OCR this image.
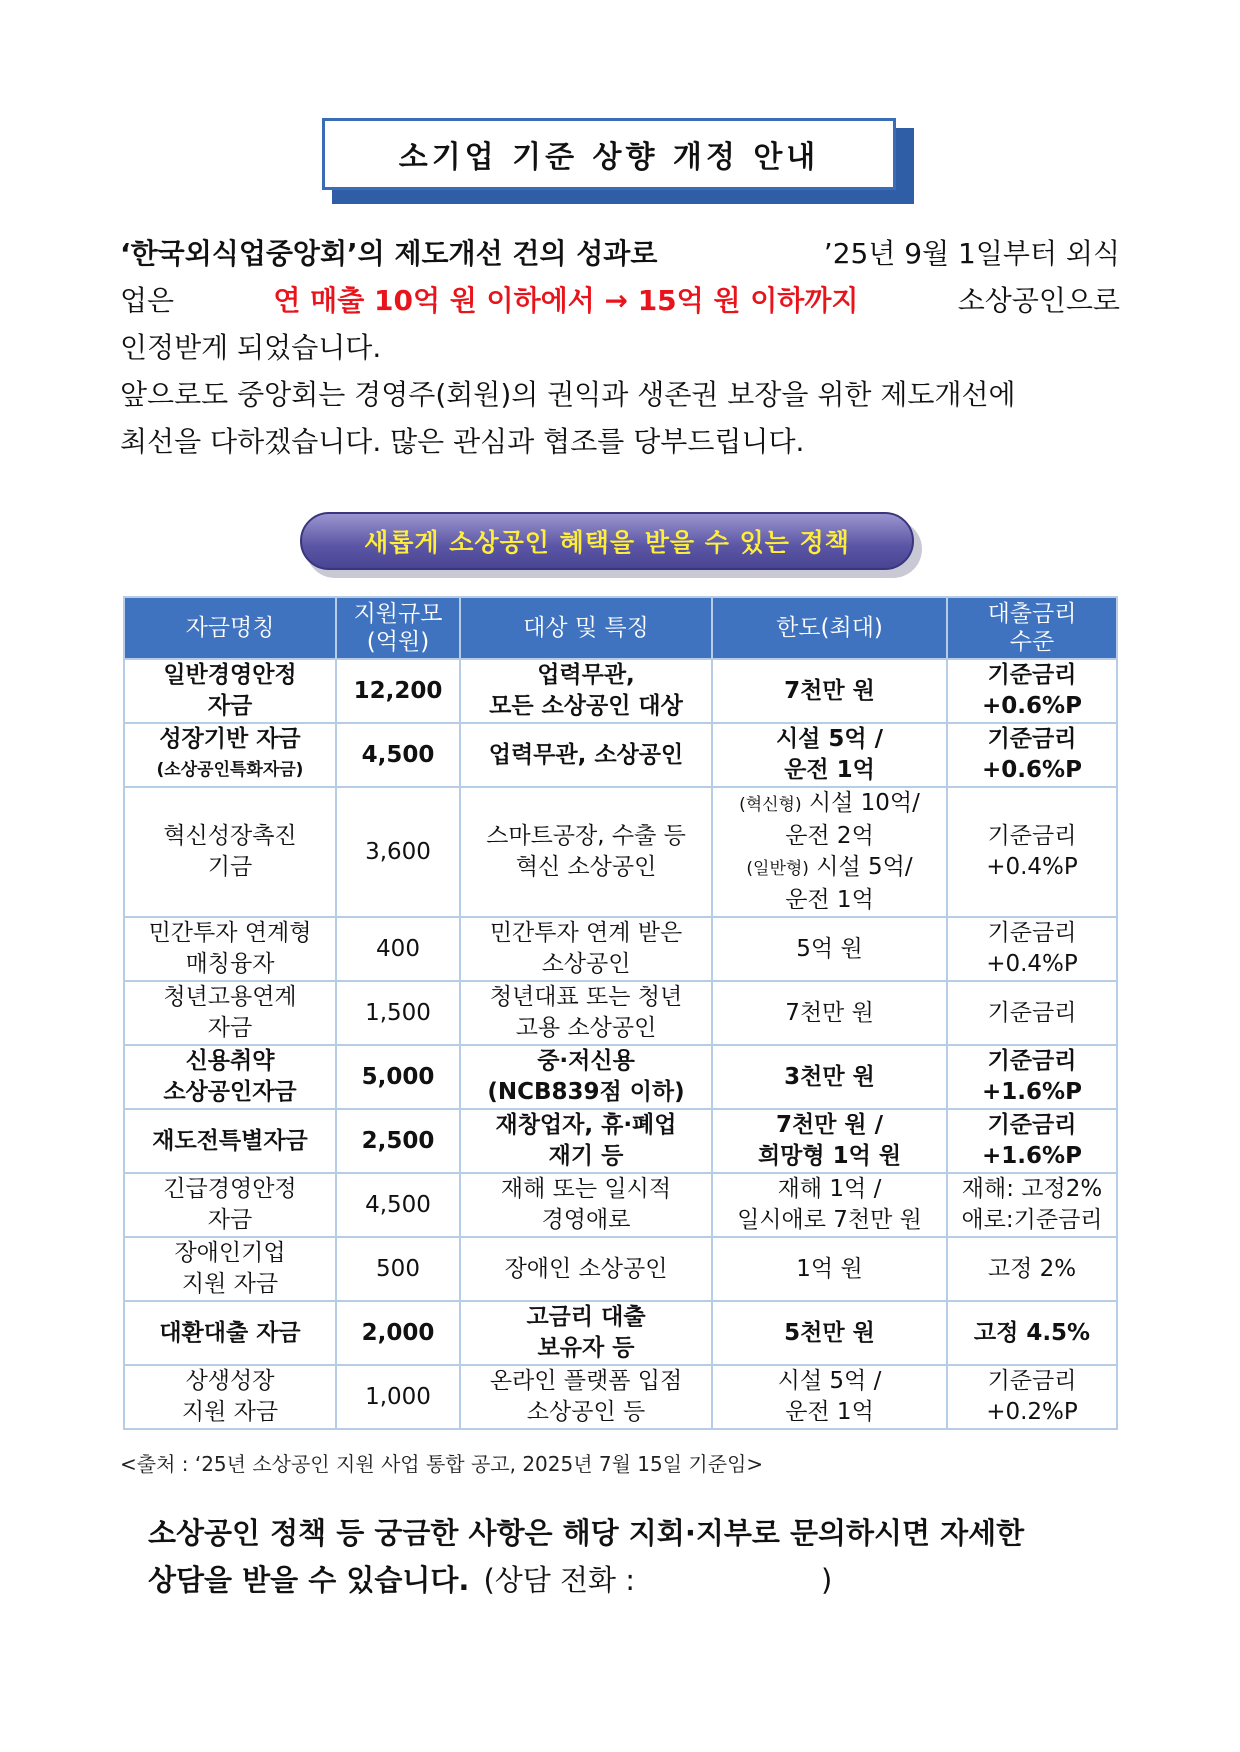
소기업 기준 상향 개정 안내
‘한국외식업중앙회’의 제도개선 건의 성과로	’25년 9월 1일부터 외식
업은	연 매출 10억 원 이하에서 → 15억 원 이하까지	소상공인으로
인정받게 되었습니다.
앞으로도 중앙회는 경영주(회원)의 권익과 생존권 보장을 위한 제도개선에
최선을 다하겠습니다. 많은 관심과 협조를 당부드립니다.
새롭게 소상공인 혜택을 받을 수 있는 정책
자금명칭	지원규모
(억원)	대상 및 특징	한도(최대)	대출금리
수준

일반경영안정
자금	12,200	업력무관,
모든 소상공인 대상	7천만 원	기준금리
+0.6%P

성장기반 자금
(소상공인특화자금)	4,500	업력무관, 소상공인	시설 5억 /
운전 1억	기준금리
+0.6%P

혁신성장촉진
기금	3,600	스마트공장, 수출 등
혁신 소상공인	(혁신형) 시설 10억/
운전 2억
(일반형) 시설 5억/
운전 1억	기준금리
+0.4%P

민간투자 연계형
매칭융자	400	민간투자 연계 받은
소상공인	5억 원	기준금리
+0.4%P

청년고용연계
자금	1,500	청년대표 또는 청년
고용 소상공인	7천만 원	기준금리

신용취약
소상공인자금	5,000	중·저신용
(NCB839점 이하)	3천만 원	기준금리
+1.6%P

재도전특별자금	2,500	재창업자, 휴·폐업
재기 등	7천만 원 /
희망형 1억 원	기준금리
+1.6%P

긴급경영안정
자금	4,500	재해 또는 일시적
경영애로	재해 1억 /
일시애로 7천만 원	재해: 고정2%
애로:기준금리

장애인기업
지원 자금	500	장애인 소상공인	1억 원	고정 2%
대환대출 자금	2,000	고금리 대출
보유자 등	5천만 원	고정 4.5%

상생성장
지원 자금	1,000	온라인 플랫폼 입점
소상공인 등	시설 5억 /
운전 1억	기준금리
+0.2%P
<출처 : ‘25년 소상공인 지원 사업 통합 공고, 2025년 7월 15일 기준임>
소상공인 정책 등 궁금한 사항은 해당 지회·지부로 문의하시면 자세한
상담을 받을 수 있습니다. (상담 전화 :	)
